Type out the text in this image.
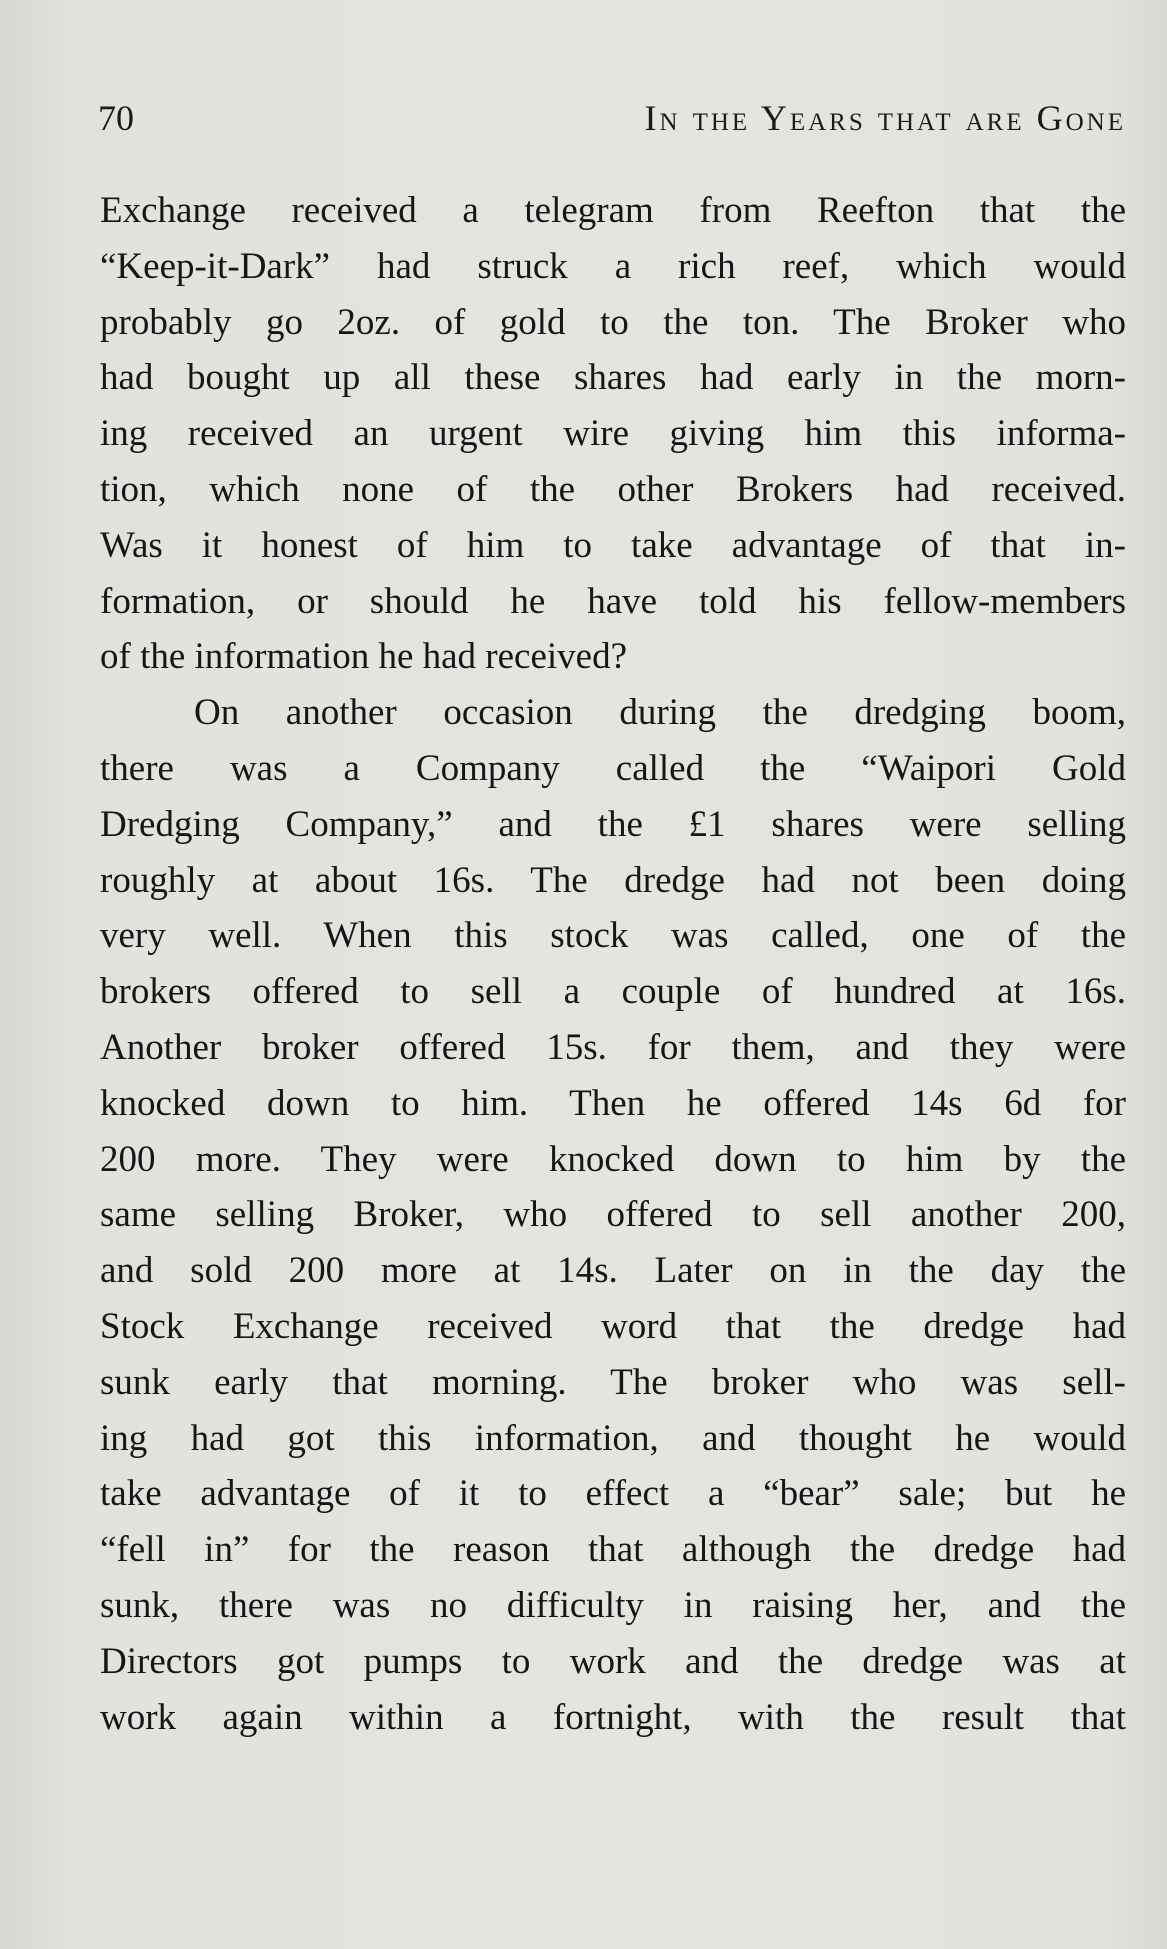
70	In the Years that are Gone
Exchange received a telegram from Reefton that the
“Keep-it-Dark” had struck a rich reef, which would
probably go 2oz. of gold to the ton. The Broker who
had bought up all these shares had early in the morn-
ing received an urgent wire giving him this informa-
tion, which none of the other Brokers had received.
Was it honest of him to take advantage of that in-
formation, or should he have told his fellow-members
of the information he had received?
On another occasion during the dredging boom,
there was a Company called the “Waipori Gold
Dredging Company,” and the £1 shares were selling
roughly at about 16s. The dredge had not been doing
very well. When this stock was called, one of the
brokers offered to sell a couple of hundred at 16s.
Another broker offered 15s. for them, and they were
knocked down to him. Then he offered 14s 6d for
200 more. They were knocked down to him by the
same selling Broker, who offered to sell another 200,
and sold 200 more at 14s. Later on in the day the
Stock Exchange received word that the dredge had
sunk early that morning. The broker who was sell-
ing had got this information, and thought he would
take advantage of it to effect a “bear” sale; but he
“fell in” for the reason that although the dredge had
sunk, there was no difficulty in raising her, and the
Directors got pumps to work and the dredge was at
work again within a fortnight, with the result that
